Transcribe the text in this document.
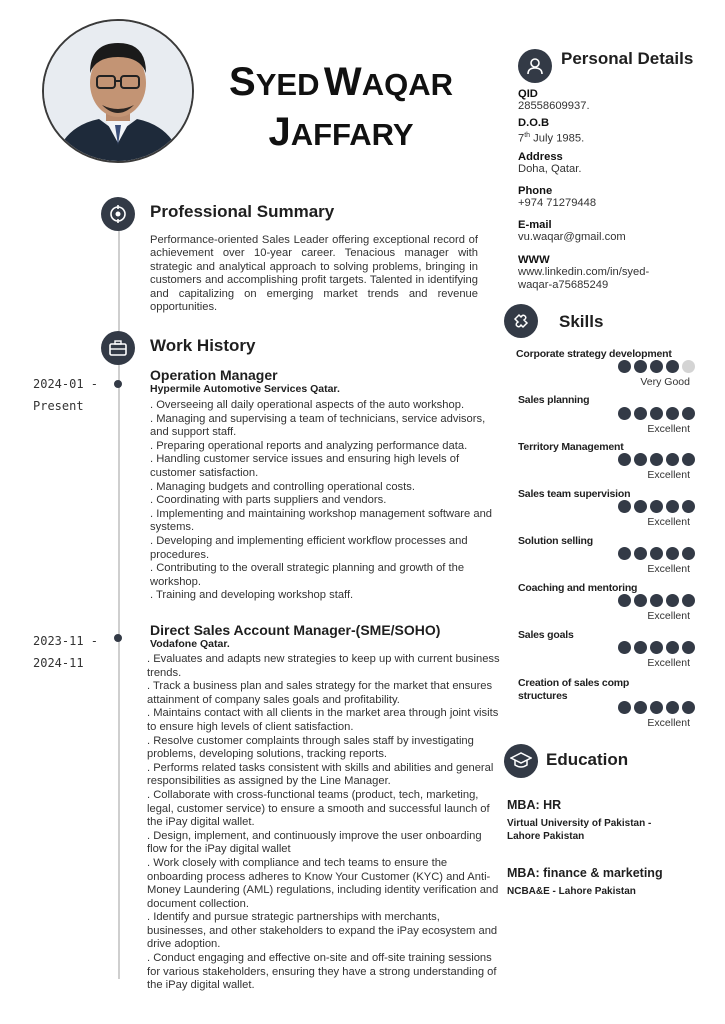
SYED WAQAR
JAFFARY
Professional Summary
Performance-oriented Sales Leader offering exceptional record of achievement over 10-year career. Tenacious manager with strategic and analytical approach to solving problems, bringing in customers and accomplishing profit targets. Talented in identifying and capitalizing on emerging market trends and revenue opportunities.
Work History
2024-01 -
Present
Operation Manager
Hypermile Automotive Services Qatar.
. Overseeing all daily operational aspects of the auto workshop.
. Managing and supervising a team of technicians, service advisors, and support staff.
. Preparing operational reports and analyzing performance data.
. Handling customer service issues and ensuring high levels of customer satisfaction.
. Managing budgets and controlling operational costs.
. Coordinating with parts suppliers and vendors.
. Implementing and maintaining workshop management software and systems.
. Developing and implementing efficient workflow processes and procedures.
. Contributing to the overall strategic planning and growth of the workshop.
. Training and developing workshop staff.
2023-11 -
2024-11
Direct Sales Account Manager-(SME/SOHO)
Vodafone Qatar.
. Evaluates and adapts new strategies to keep up with current business trends.
. Track a business plan and sales strategy for the market that ensures attainment of company sales goals and profitability.
. Maintains contact with all clients in the market area through joint visits to ensure high levels of client satisfaction.
. Resolve customer complaints through sales staff by investigating problems, developing solutions, tracking reports.
. Performs related tasks consistent with skills and abilities and general responsibilities as assigned by the Line Manager.
. Collaborate with cross-functional teams (product, tech, marketing, legal, customer service) to ensure a smooth and successful launch of the iPay digital wallet.
. Design, implement, and continuously improve the user onboarding flow for the iPay digital wallet
. Work closely with compliance and tech teams to ensure the onboarding process adheres to Know Your Customer (KYC) and Anti-Money Laundering (AML) regulations, including identity verification and document collection.
. Identify and pursue strategic partnerships with merchants, businesses, and other stakeholders to expand the iPay ecosystem and drive adoption.
. Conduct engaging and effective on-site and off-site training sessions for various stakeholders, ensuring they have a strong understanding of the iPay digital wallet.
Personal Details
QID
28558609937.
D.O.B
7th July 1985.
Address
Doha, Qatar.
Phone
+974 71279448
E-mail
vu.waqar@gmail.com
WWW
www.linkedin.com/in/syed-
waqar-a75685249
Skills
Corporate strategy development
Very Good
Sales planning
Excellent
Territory Management
Excellent
Sales team supervision
Excellent
Solution selling
Excellent
Coaching and mentoring
Excellent
Sales goals
Excellent
Creation of sales comp
structures
Excellent
Education
MBA: HR
Virtual University of Pakistan -
Lahore Pakistan
MBA: finance & marketing
NCBA&E - Lahore Pakistan
